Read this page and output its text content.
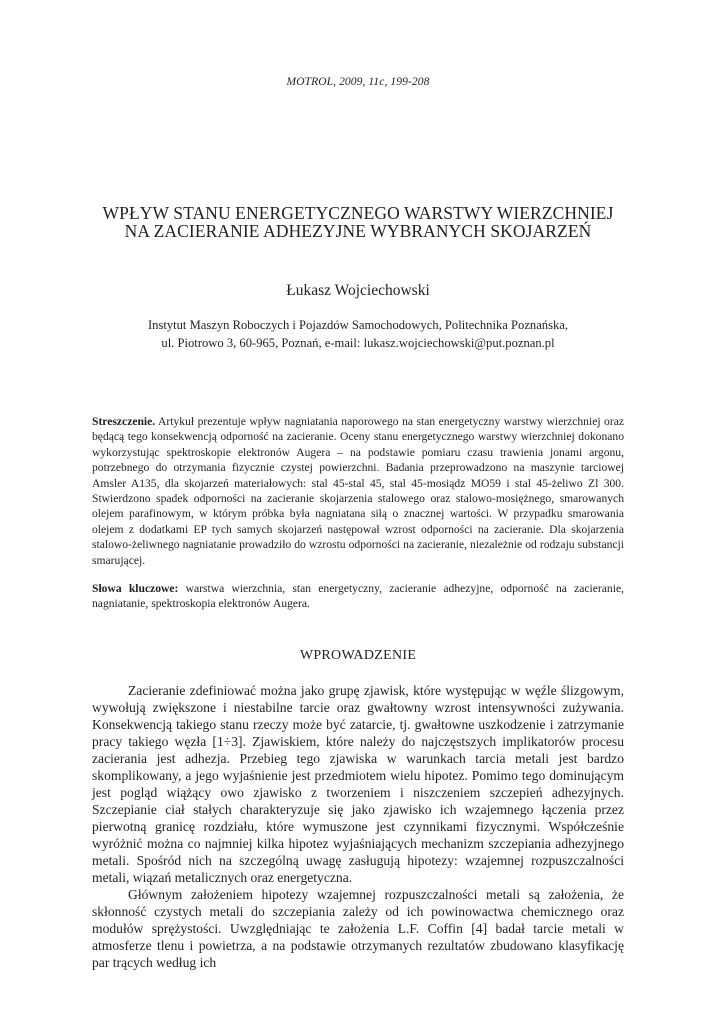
MOTROL, 2009, 11c, 199-208
WPŁYW STANU ENERGETYCZNEGO WARSTWY WIERZCHNIEJ
NA ZACIERANIE ADHEZYJNE WYBRANYCH SKOJARZEŃ
Łukasz Wojciechowski
Instytut Maszyn Roboczych i Pojazdów Samochodowych, Politechnika Poznańska,
ul. Piotrowo 3, 60-965, Poznań, e-mail: lukasz.wojciechowski@put.poznan.pl

Streszczenie. Artykuł prezentuje wpływ nagniatania naporowego na stan energetyczny warstwy wierzchniej oraz będącą tego konsekwencją odporność na zacieranie. Oceny stanu energetycznego warstwy wierzchniej dokonano wykorzystując spektroskopie elektronów Augera – na podstawie pomiaru czasu trawienia jonami argonu, potrzebnego do otrzymania fizycznie czystej powierzchni. Badania przeprowadzono na maszynie tarciowej Amsler A135, dla skojarzeń materiałowych: stal 45-stal 45, stal 45-mosiądz MO59 i stal 45-żeliwo Zl 300. Stwierdzono spadek odporności na zacieranie skojarzenia stalowego oraz stalowo-mosiężnego, smarowanych olejem parafinowym, w którym próbka była nagniatana siłą o znacznej wartości. W przypadku smarowania olejem z dodatkami EP tych samych skojarzeń następował wzrost odporności na zacieranie. Dla skojarzenia stalowo-żeliwnego nagniatanie prowadziło do wzrostu odporności na zacieranie, niezależnie od rodzaju substancji smarującej.

Słowa kluczowe: warstwa wierzchnia, stan energetyczny, zacieranie adhezyjne, odporność na zacieranie, nagniatanie, spektroskopia elektronów Augera.

WPROWADZENIE

Zacieranie zdefiniować można jako grupę zjawisk, które występując w węźle ślizgowym, wywołują zwiększone i niestabilne tarcie oraz gwałtowny wzrost intensywności zużywania. Konsekwencją takiego stanu rzeczy może być zatarcie, tj. gwałtowne uszkodzenie i zatrzymanie pracy takiego węzła [1÷3]. Zjawiskiem, które należy do najczęstszych implikatorów procesu zacierania jest adhezja. Przebieg tego zjawiska w warunkach tarcia metali jest bardzo skomplikowany, a jego wyjaśnienie jest przedmiotem wielu hipotez. Pomimo tego dominującym jest pogląd wiążący owo zjawisko z tworzeniem i niszczeniem szczepień adhezyjnych. Szczepianie ciał stałych charakteryzuje się jako zjawisko ich wzajemnego łączenia przez pierwotną granicę rozdziału, które wymuszone jest czynnikami fizycznymi. Współcześnie wyróżnić można co najmniej kilka hipotez wyjaśniających mechanizm szczepiania adhezyjnego metali. Spośród nich na szczególną uwagę zasługują hipotezy: wzajemnej rozpuszczalności metali, wiązań metalicznych oraz energetyczna.

Głównym założeniem hipotezy wzajemnej rozpuszczalności metali są założenia, że skłonność czystych metali do szczepiania zależy od ich powinowactwa chemicznego oraz modułów sprężystości. Uwzględniając te założenia L.F. Coffin [4] badał tarcie metali w atmosferze tlenu i powietrza, a na podstawie otrzymanych rezultatów zbudowano klasyfikację par trących według ich
